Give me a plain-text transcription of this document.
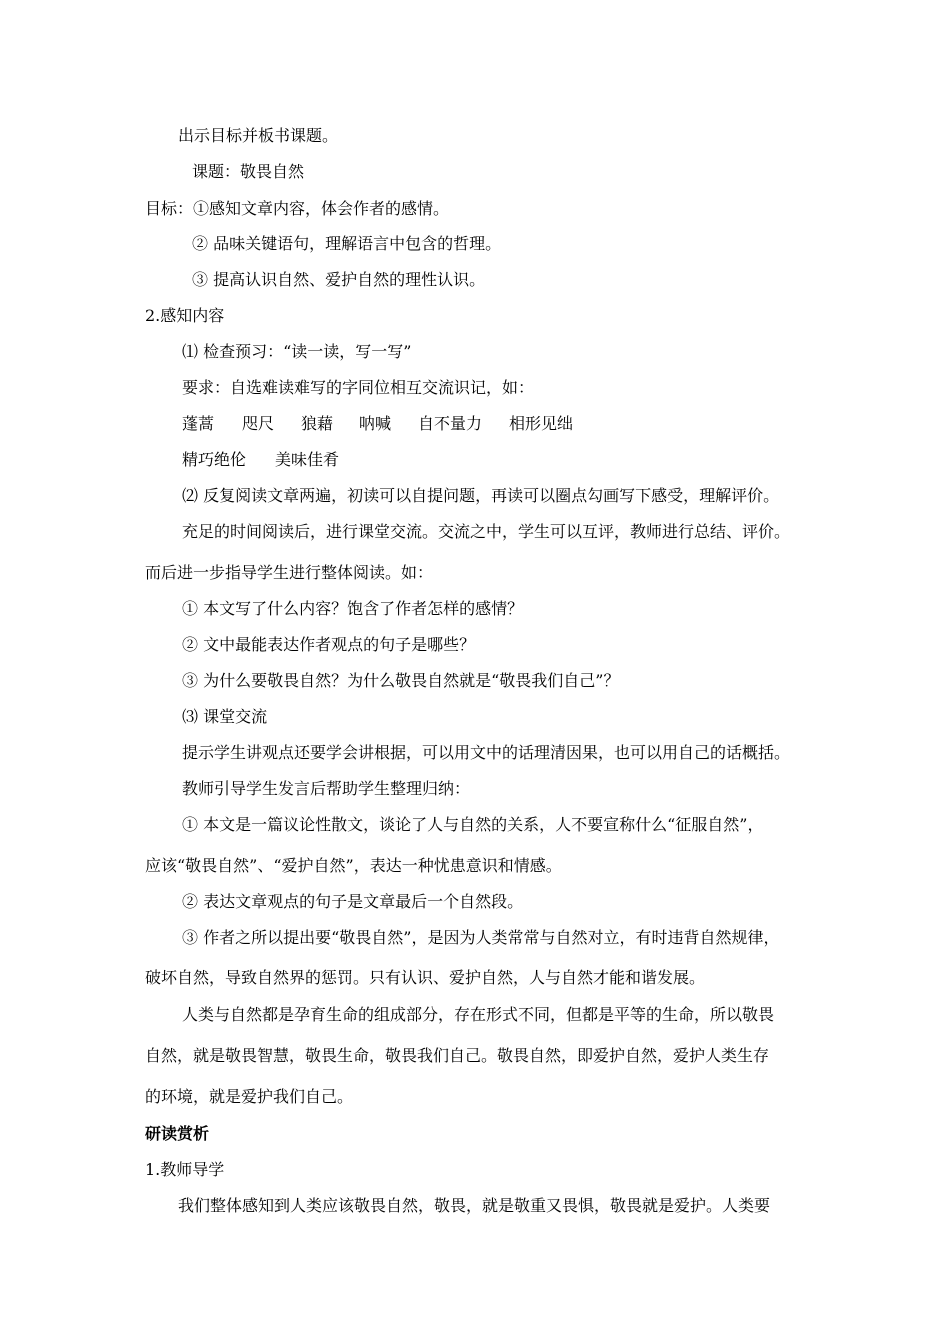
出示目标并板书课题。
课题：敬畏自然
目标：①感知文章内容，体会作者的感情。
② 品味关键语句，理解语言中包含的哲理。
③ 提高认识自然、爱护自然的理性认识。
2.感知内容
⑴ 检查预习：“读一读，写一写”
要求：自选难读难写的字同位相互交流识记，如：
蓬蒿 咫尺 狼藉 呐喊 自不量力 相形见绌
精巧绝伦 美味佳肴
⑵ 反复阅读文章两遍，初读可以自提问题，再读可以圈点勾画写下感受，理解评价。
充足的时间阅读后，进行课堂交流。交流之中，学生可以互评，教师进行总结、评价。
而后进一步指导学生进行整体阅读。如：
① 本文写了什么内容？饱含了作者怎样的感情？
② 文中最能表达作者观点的句子是哪些？
③ 为什么要敬畏自然？为什么敬畏自然就是“敬畏我们自己”？
⑶ 课堂交流
提示学生讲观点还要学会讲根据，可以用文中的话理清因果，也可以用自己的话概括。
教师引导学生发言后帮助学生整理归纳：
① 本文是一篇议论性散文，谈论了人与自然的关系，人不要宣称什么“征服自然”，
应该“敬畏自然”、“爱护自然”，表达一种忧患意识和情感。
② 表达文章观点的句子是文章最后一个自然段。
③ 作者之所以提出要“敬畏自然”，是因为人类常常与自然对立，有时违背自然规律，
破坏自然，导致自然界的惩罚。只有认识、爱护自然，人与自然才能和谐发展。
人类与自然都是孕育生命的组成部分，存在形式不同，但都是平等的生命，所以敬畏
自然，就是敬畏智慧，敬畏生命，敬畏我们自己。敬畏自然，即爱护自然，爱护人类生存
的环境，就是爱护我们自己。
研读赏析
1.教师导学
我们整体感知到人类应该敬畏自然，敬畏，就是敬重又畏惧，敬畏就是爱护。人类要
